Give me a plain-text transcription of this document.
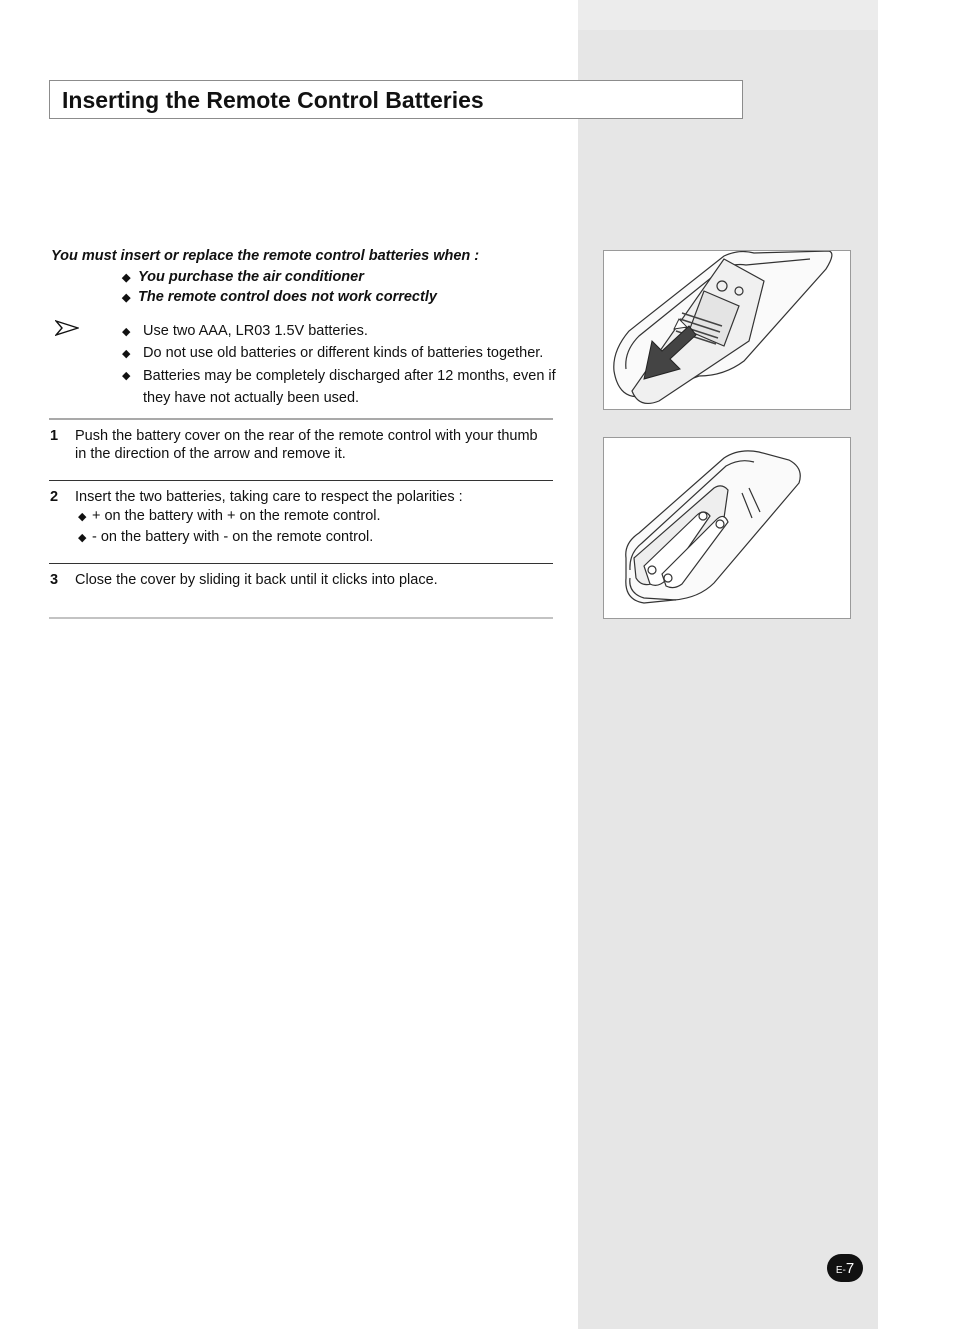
Inserting the Remote Control Batteries

You must insert or replace the remote control batteries when :

◆ You purchase the air conditioner
◆ The remote control does not work correctly
◆ Use two AAA, LR03 1.5V batteries.
◆ Do not use old batteries or different kinds of batteries together.
◆ Batteries may be completely discharged after 12 months, even if they have not actually been used.
1 Push the battery cover on the rear of the remote control with your thumb in the direction of the arrow and remove it.
2 Insert the two batteries, taking care to respect the polarities :
◆ + on the battery with + on the remote control.
◆ - on the battery with - on the remote control.
3 Close the cover by sliding it back until it clicks into place.
E- 7
